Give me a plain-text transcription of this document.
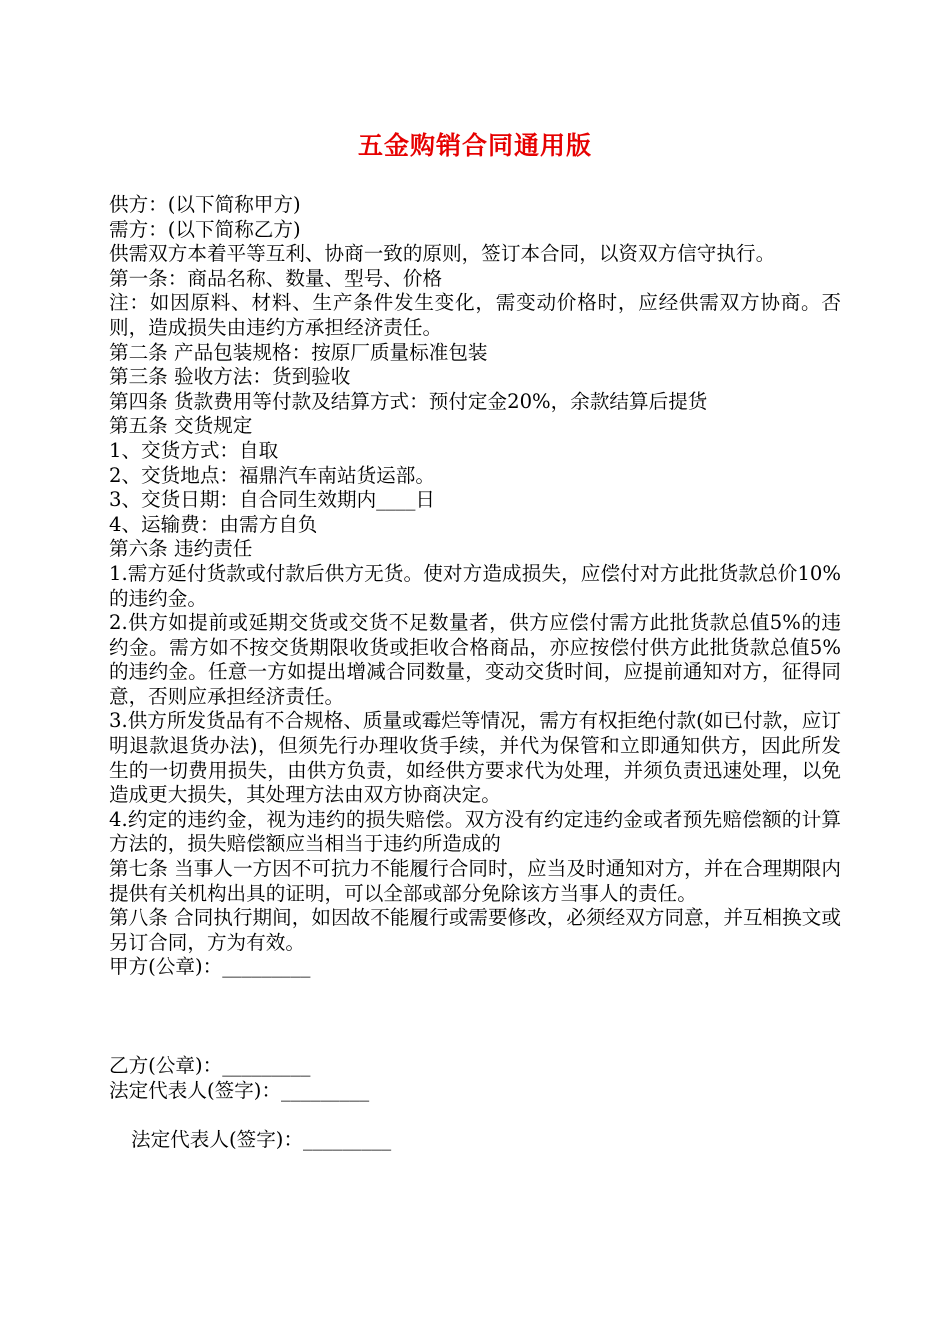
五金购销合同通用版

供方：(以下简称甲方)

需方：(以下简称乙方)

供需双方本着平等互利、协商一致的原则，签订本合同，以资双方信守执行。

第一条：商品名称、数量、型号、价格

注：如因原料、材料、生产条件发生变化，需变动价格时，应经供需双方协商。否则，造成损失由违约方承担经济责任。

第二条 产品包装规格：按原厂质量标准包装

第三条 验收方法：货到验收

第四条 货款费用等付款及结算方式：预付定金20%，余款结算后提货

第五条 交货规定

1、交货方式：自取

2、交货地点：福鼎汽车南站货运部。

3、交货日期：自合同生效期内____日

4、运输费：由需方自负

第六条 违约责任

1.需方延付货款或付款后供方无货。使对方造成损失，应偿付对方此批货款总价10%的违约金。

2.供方如提前或延期交货或交货不足数量者，供方应偿付需方此批货款总值5%的违约金。需方如不按交货期限收货或拒收合格商品，亦应按偿付供方此批货款总值5%的违约金。任意一方如提出增减合同数量，变动交货时间，应提前通知对方，征得同意，否则应承担经济责任。

3.供方所发货品有不合规格、质量或霉烂等情况，需方有权拒绝付款(如已付款，应订明退款退货办法)，但须先行办理收货手续，并代为保管和立即通知供方，因此所发生的一切费用损失，由供方负责，如经供方要求代为处理，并须负责迅速处理，以免造成更大损失，其处理方法由双方协商决定。

4.约定的违约金，视为违约的损失赔偿。双方没有约定违约金或者预先赔偿额的计算方法的，损失赔偿额应当相当于违约所造成的

第七条 当事人一方因不可抗力不能履行合同时，应当及时通知对方，并在合理期限内提供有关机构出具的证明，可以全部或部分免除该方当事人的责任。

第八条 合同执行期间，如因故不能履行或需要修改，必须经双方同意，并互相换文或另订合同，方为有效。

甲方(公章)：_________

乙方(公章)：_________

法定代表人(签字)：_________

法定代表人(签字)：_________
